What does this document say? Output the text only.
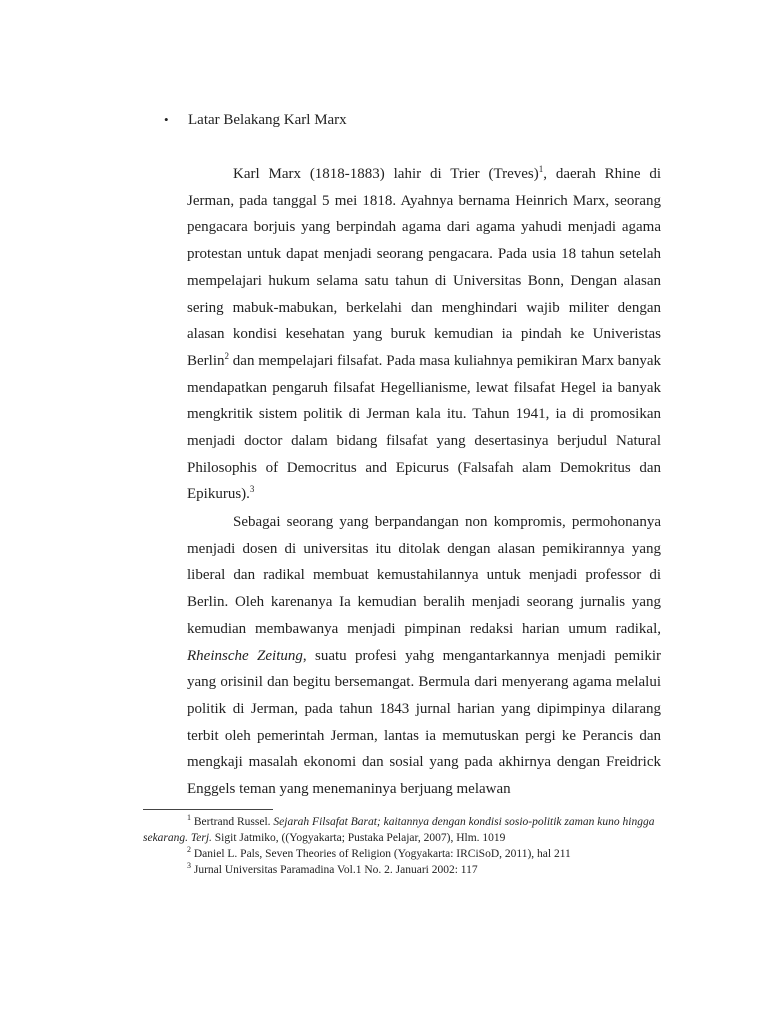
• Latar Belakang Karl Marx

Karl Marx (1818-1883) lahir di Trier (Treves)$^1$, daerah Rhine di Jerman, pada tanggal 5 mei 1818. Ayahnya bernama Heinrich Marx, seorang pengacara borjuis yang berpindah agama dari agama yahudi menjadi agama protestan untuk dapat menjadi seorang pengacara. Pada usia 18 tahun setelah mempelajari hukum selama satu tahun di Universitas Bonn, Dengan alasan sering mabuk-mabukan, berkelahi dan menghindari wajib militer dengan alasan kondisi kesehatan yang buruk kemudian ia pindah ke Univeristas Berlin$^2$ dan mempelajari filsafat. Pada masa kuliahnya pemikiran Marx banyak mendapatkan pengaruh filsafat Hegellianisme, lewat filsafat Hegel ia banyak mengkritik sistem politik di Jerman kala itu. Tahun 1941, ia di promosikan menjadi doctor dalam bidang filsafat yang desertasinya berjudul Natural Philosophis of Democritus and Epicurus (Falsafah alam Demokritus dan Epikurus).$^3$

Sebagai seorang yang berpandangan non kompromis, permohonanya menjadi dosen di universitas itu ditolak dengan alasan pemikirannya yang liberal dan radikal membuat kemustahilannya untuk menjadi professor di Berlin. Oleh karenanya Ia kemudian beralih menjadi seorang jurnalis yang kemudian membawanya menjadi pimpinan redaksi harian umum radikal, Rheinsche Zeitung, suatu profesi yahg mengantarkannya menjadi pemikir yang orisinil dan begitu bersemangat. Bermula dari menyerang agama melalui politik di Jerman, pada tahun 1843 jurnal harian yang dipimpinya dilarang terbit oleh pemerintah Jerman, lantas ia memutuskan pergi ke Perancis dan mengkaji masalah ekonomi dan sosial yang pada akhirnya dengan Freidrick Enggels teman yang menemaninya berjuang melawan

$^1$ Bertrand Russel. Sejarah Filsafat Barat; kaitannya dengan kondisi sosio-politik zaman kuno hingga sekarang. Terj. Sigit Jatmiko, ((Yogyakarta; Pustaka Pelajar, 2007), Hlm. 1019

$^2$ Daniel L. Pals, Seven Theories of Religion (Yogyakarta: IRCiSoD, 2011), hal 211

$^3$ Jurnal Universitas Paramadina Vol.1 No. 2. Januari 2002: 117
